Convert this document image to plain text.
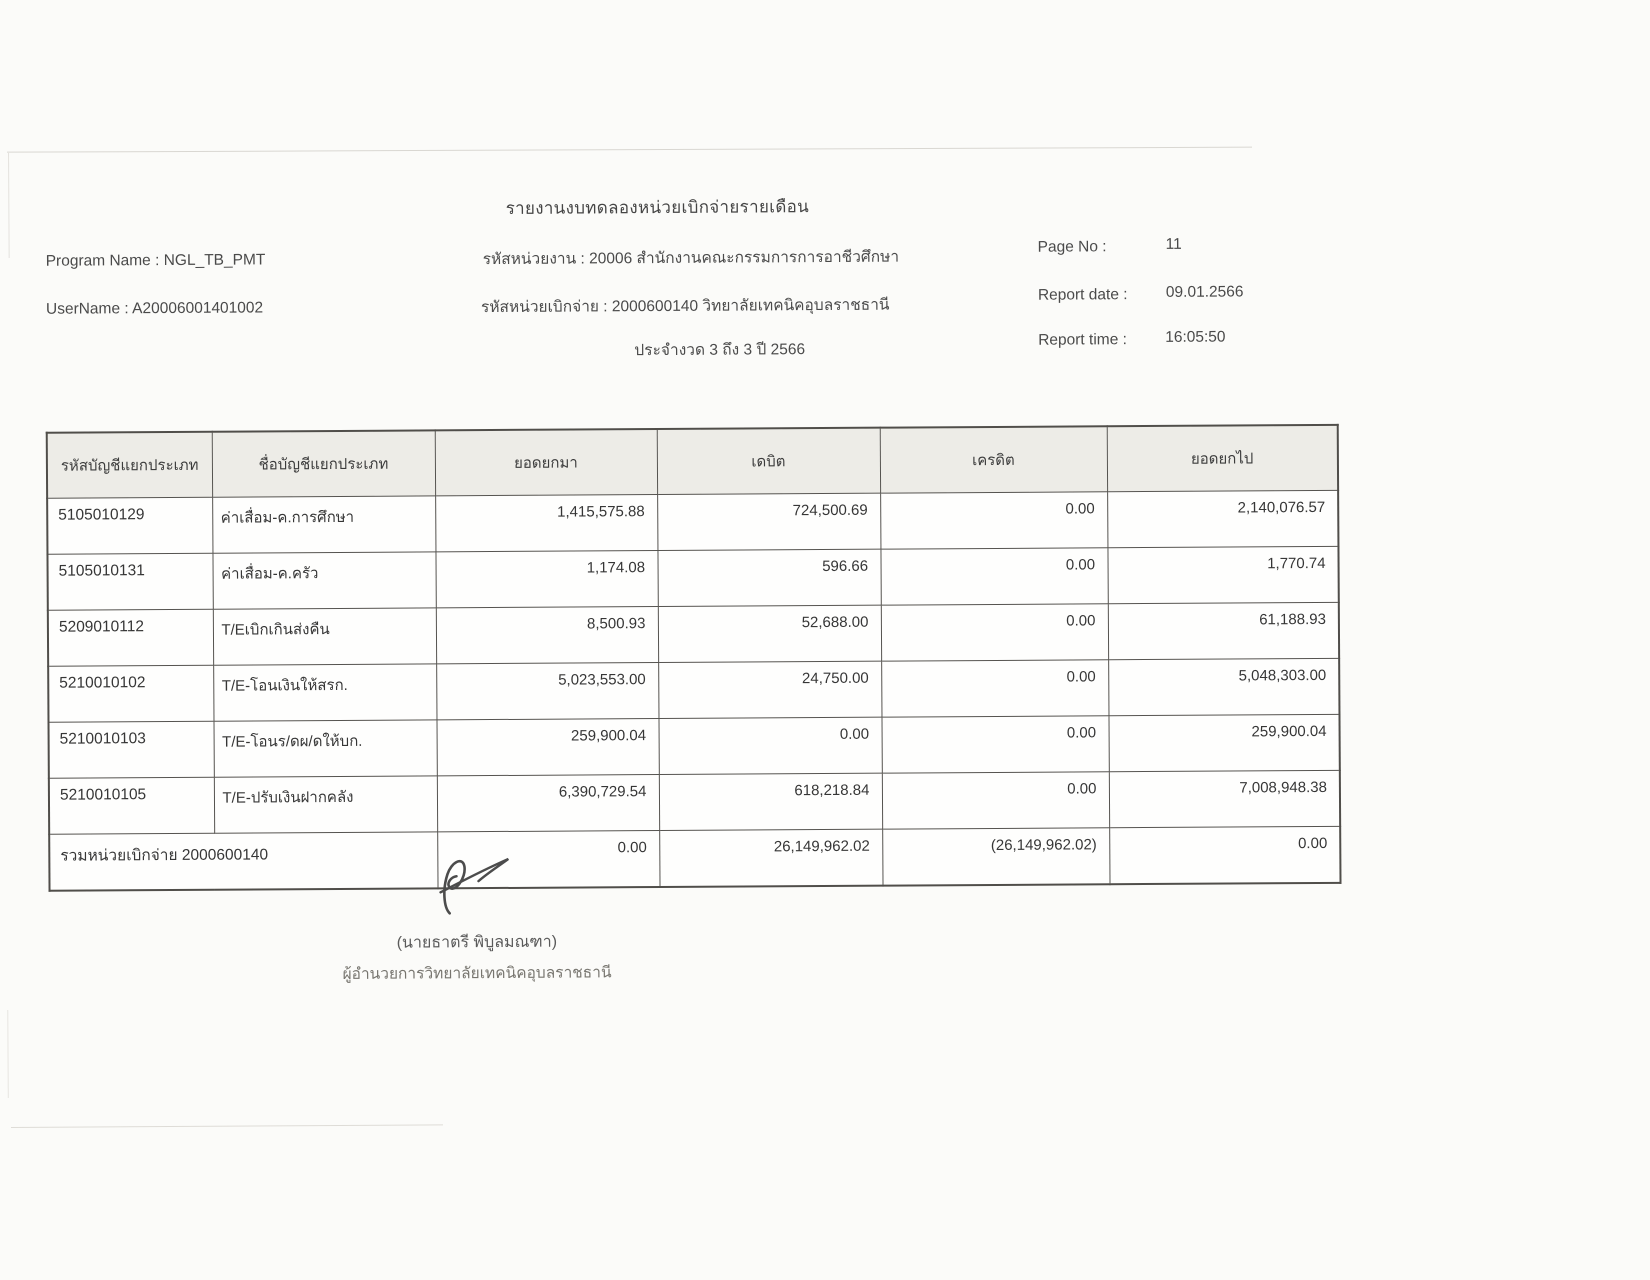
รายงานงบทดลองหน่วยเบิกจ่ายรายเดือน
Program Name : NGL_TB_PMT
UserName : A20006001401002
รหัสหน่วยงาน : 20006 สำนักงานคณะกรรมการการอาชีวศึกษา
รหัสหน่วยเบิกจ่าย : 2000600140 วิทยาลัยเทคนิคอุบลราชธานี
ประจำงวด 3 ถึง 3 ปี 2566
Page No :	11
Report date : 09.01.2566
Report time : 16:05:50
รหัสบัญชีแยกประเภท	ชื่อบัญชีแยกประเภท	ยอดยกมา	เดบิต	เครดิต	ยอดยกไป
5105010129	ค่าเสื่อม-ค.การศึกษา	1,415,575.88	724,500.69	0.00	2,140,076.57
5105010131	ค่าเสื่อม-ค.ครัว	1,174.08	596.66	0.00	1,770.74
5209010112	T/Eเบิกเกินส่งคืน	8,500.93	52,688.00	0.00	61,188.93
5210010102	T/E-โอนเงินให้สรก.	5,023,553.00	24,750.00	0.00	5,048,303.00
5210010103	T/E-โอนร/ดผ/ดให้บก.	259,900.04	0.00	0.00	259,900.04
5210010105	T/E-ปรับเงินฝากคลัง	6,390,729.54	618,218.84	0.00	7,008,948.38
รวมหน่วยเบิกจ่าย 2000600140		0.00	26,149,962.02	(26,149,962.02)	0.00
(นายธาตรี พิบูลมณฑา)
ผู้อำนวยการวิทยาลัยเทคนิคอุบลราชธานี
